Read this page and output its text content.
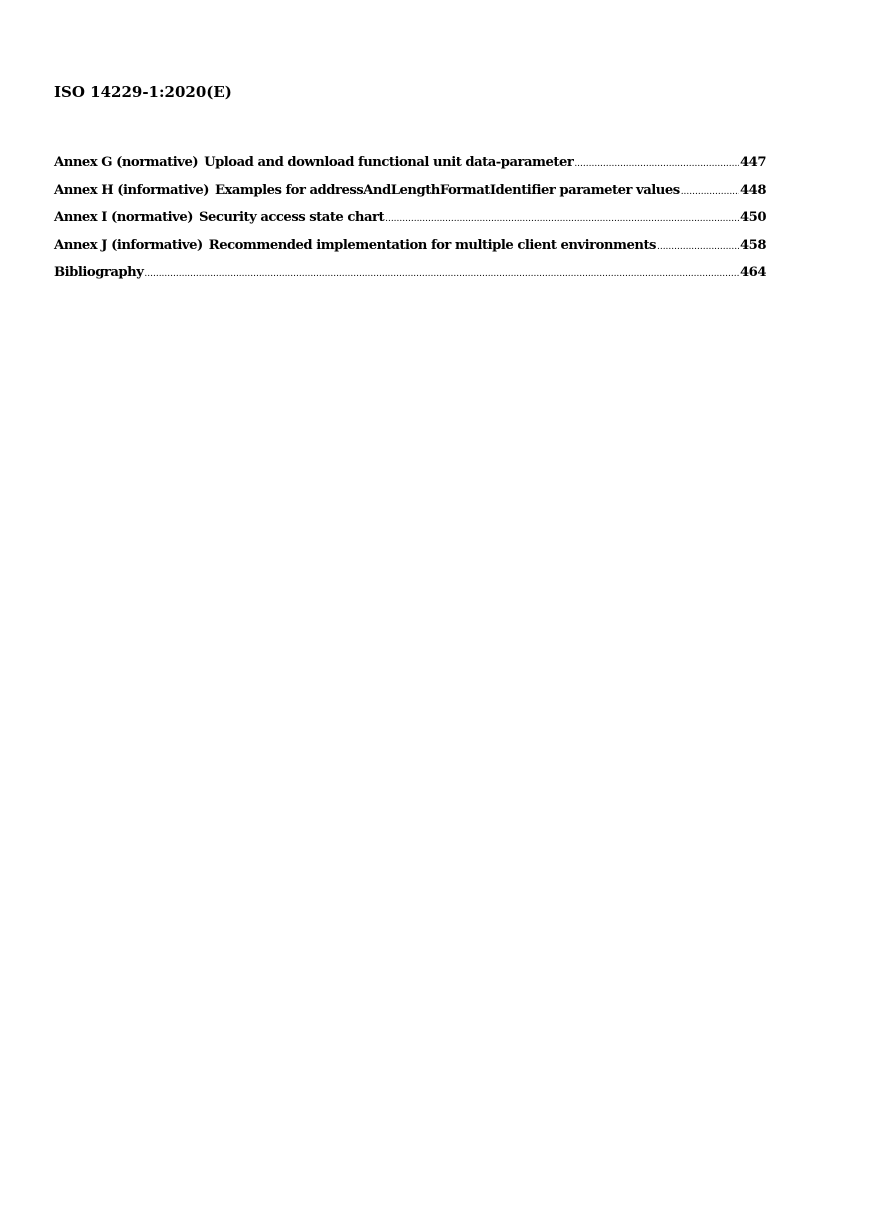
ISO 14229-1:2020(E)
Annex G (normative) Upload and download functional unit data-parameter .....	447
Annex H (informative) Examples for addressAndLengthFormatIdentifier parameter values .....	448
Annex I (normative) Security access state chart .....	450
Annex J (informative) Recommended implementation for multiple client environments .....	458
Bibliography .....	464
